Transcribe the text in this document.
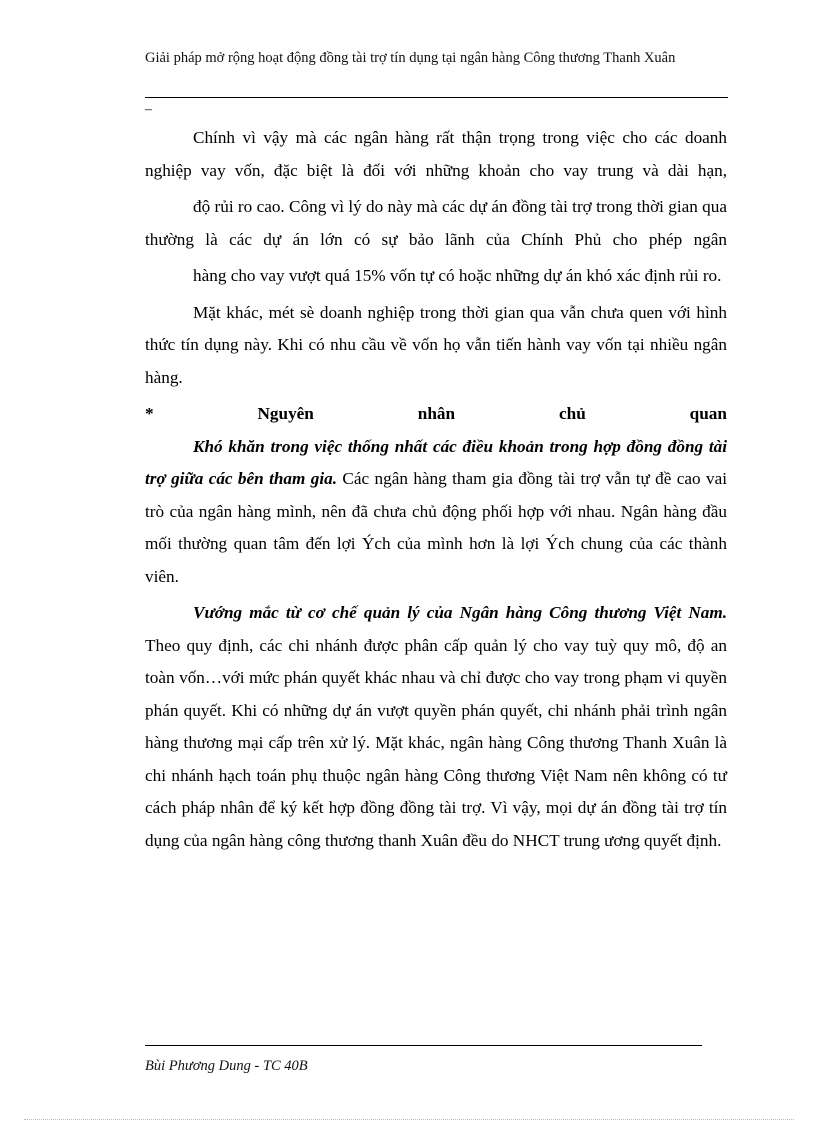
Giải pháp mở rộng hoạt động đồng tài trợ tín dụng tại ngân hàng Công thương Thanh Xuân
–

Chính vì vậy mà các ngân hàng rất thận trọng trong việc cho các doanh nghiệp vay vốn, đặc biệt là đối với những khoản cho vay trung và dài hạn,

độ rủi ro cao. Công vì lý do này mà các dự án đồng tài trợ trong thời gian qua thường là các dự án lớn có sự bảo lãnh của Chính Phủ cho phép ngân

hàng cho vay vượt quá 15% vốn tự có hoặc những dự án khó xác định rủi ro.

Mặt khác, mét sè doanh nghiệp trong thời gian qua vẫn chưa quen với hình thức tín dụng này. Khi có nhu cầu về vốn họ vẫn tiến hành vay vốn tại nhiều ngân hàng.

*	Nguyên	nhân	chủ	quan

Khó khăn trong việc thống nhất các điều khoản trong hợp đồng đồng tài trợ giữa các bên tham gia. Các ngân hàng tham gia đồng tài trợ vẫn tự đề cao vai trò của ngân hàng mình, nên đã chưa chủ động phối hợp với nhau. Ngân hàng đầu mối thường quan tâm đến lợi Ých của mình hơn là lợi Ých chung của các thành viên.

Vướng mắc từ cơ chế quản lý của Ngân hàng Công thương Việt Nam. Theo quy định, các chi nhánh được phân cấp quản lý cho vay tuỳ quy mô, độ an toàn vốn…với mức phán quyết khác nhau và chỉ được cho vay trong phạm vi quyền phán quyết. Khi có những dự án vượt quyền phán quyết, chi nhánh phải trình ngân hàng thương mại cấp trên xử lý. Mặt khác, ngân hàng Công thương Thanh Xuân là chi nhánh hạch toán phụ thuộc ngân hàng Công thương Việt Nam nên không có tư cách pháp nhân để ký kết hợp đồng đồng tài trợ. Vì vậy, mọi dự án đồng tài trợ tín dụng của ngân hàng công thương thanh Xuân đều do NHCT trung ương quyết định.

Bùi Phương Dung - TC 40B
